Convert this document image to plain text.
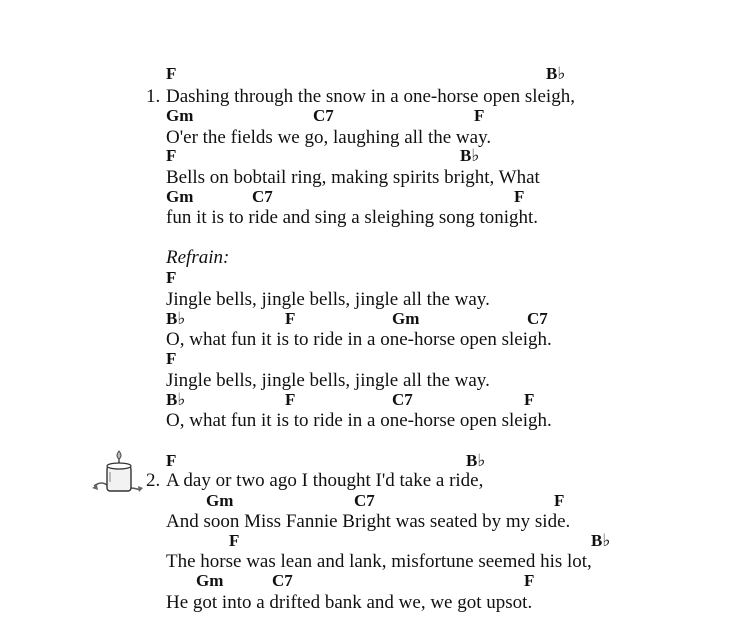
F	B♭
1. Dashing through the snow in a one-horse open sleigh,
Gm	C7	F
O'er the fields we go, laughing all the way.
F	B♭
Bells on bobtail ring, making spirits bright, What
Gm	C7	F
fun it is to ride and sing a sleighing song tonight.
Refrain:
F
Jingle bells, jingle bells, jingle all the way.
B♭	F	Gm	C7
O, what fun it is to ride in a one-horse open sleigh.
F
Jingle bells, jingle bells, jingle all the way.
B♭	F	C7	F
O, what fun it is to ride in a one-horse open sleigh.
F	B♭
2. A day or two ago I thought I'd take a ride,
Gm	C7	F
And soon Miss Fannie Bright was seated by my side.
F	B♭
The horse was lean and lank, misfortune seemed his lot,
Gm	C7	F
He got into a drifted bank and we, we got upsot.
